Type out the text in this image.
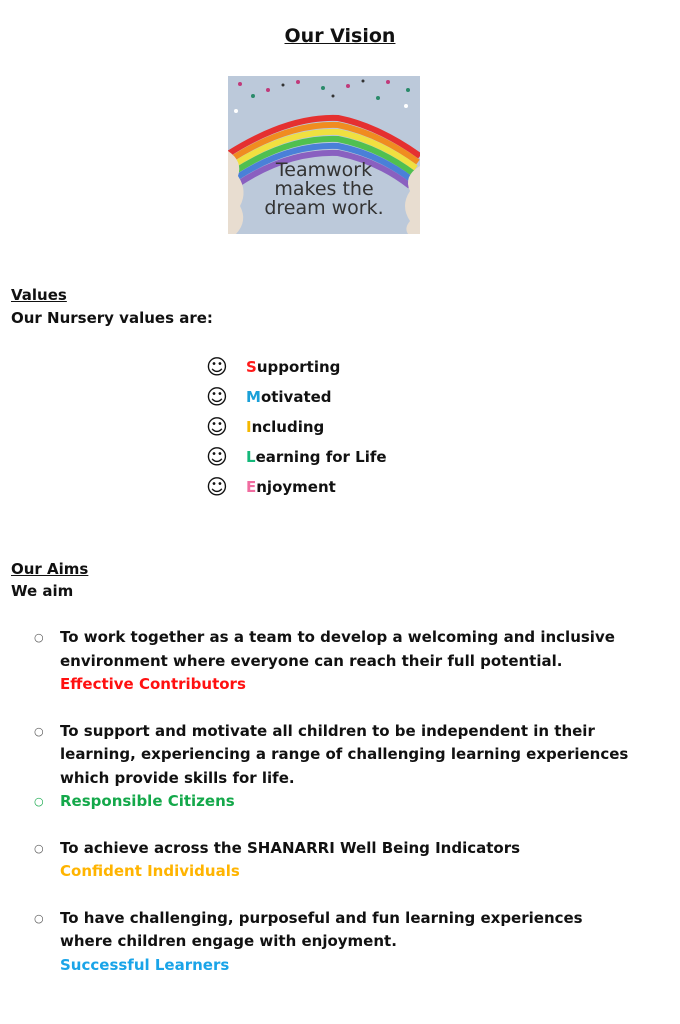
Our Vision
Teamwork
makes the
dream work.
Values
Our Nursery values are:
☺ Supporting
☺ Motivated
☺ Including
☺ Learning for Life
☺ Enjoyment
Our Aims
We aim
○ To work together as a team to develop a welcoming and inclusive environment where everyone can reach their full potential.
Effective Contributors
○ To support and motivate all children to be independent in their learning, experiencing a range of challenging learning experiences which provide skills for life.
○ Responsible Citizens
○ To achieve across the SHANARRI Well Being Indicators
Confident Individuals
○ To have challenging, purposeful and fun learning experiences where children engage with enjoyment.
Successful Learners
